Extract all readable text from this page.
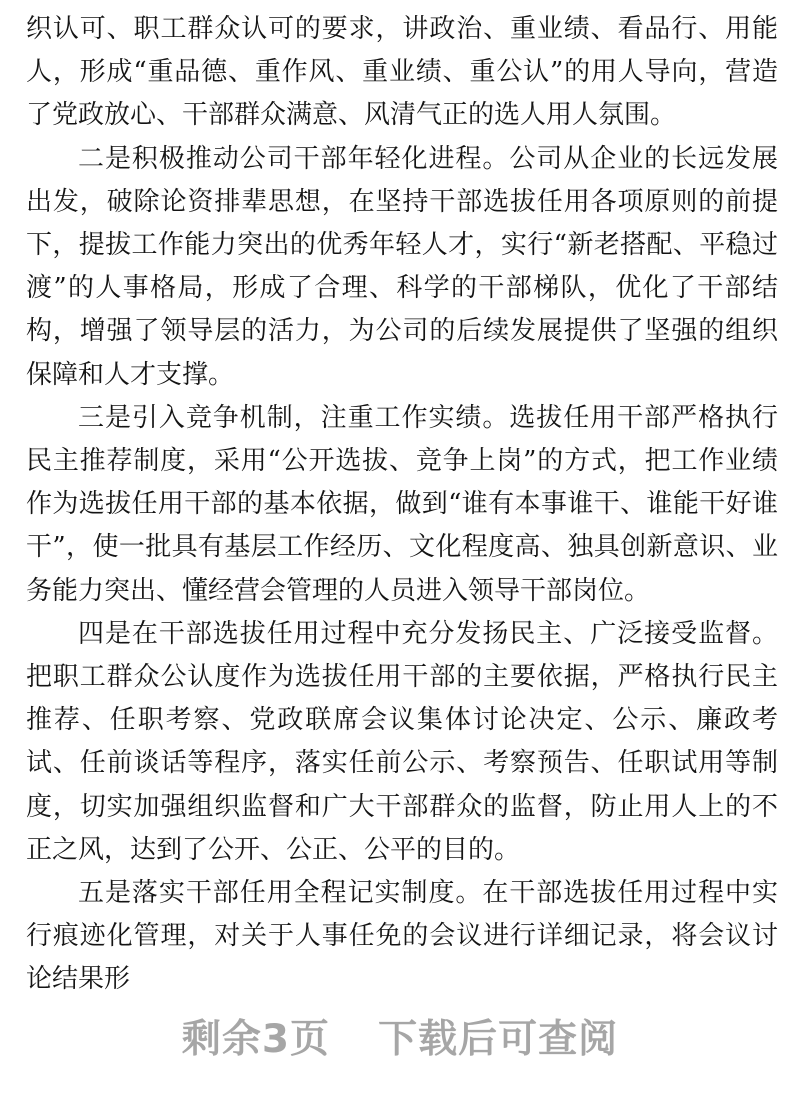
织认可、职工群众认可的要求，讲政治、重业绩、看品行、用能人，形成“重品德、重作风、重业绩、重公认”的用人导向，营造了党政放心、干部群众满意、风清气正的选人用人氛围。

二是积极推动公司干部年轻化进程。公司从企业的长远发展出发，破除论资排辈思想，在坚持干部选拔任用各项原则的前提下，提拔工作能力突出的优秀年轻人才，实行“新老搭配、平稳过渡”的人事格局，形成了合理、科学的干部梯队，优化了干部结构，增强了领导层的活力，为公司的后续发展提供了坚强的组织保障和人才支撑。

三是引入竞争机制，注重工作实绩。选拔任用干部严格执行民主推荐制度，采用“公开选拔、竞争上岗”的方式，把工作业绩作为选拔任用干部的基本依据，做到“谁有本事谁干、谁能干好谁干”，使一批具有基层工作经历、文化程度高、独具创新意识、业务能力突出、懂经营会管理的人员进入领导干部岗位。

四是在干部选拔任用过程中充分发扬民主、广泛接受监督。把职工群众公认度作为选拔任用干部的主要依据，严格执行民主推荐、任职考察、党政联席会议集体讨论决定、公示、廉政考试、任前谈话等程序，落实任前公示、考察预告、任职试用等制度，切实加强组织监督和广大干部群众的监督，防止用人上的不正之风，达到了公开、公正、公平的目的。

五是落实干部任用全程记实制度。在干部选拔任用过程中实行痕迹化管理，对关于人事任免的会议进行详细记录，将会议讨论结果形

剩余3页 下载后可查阅
